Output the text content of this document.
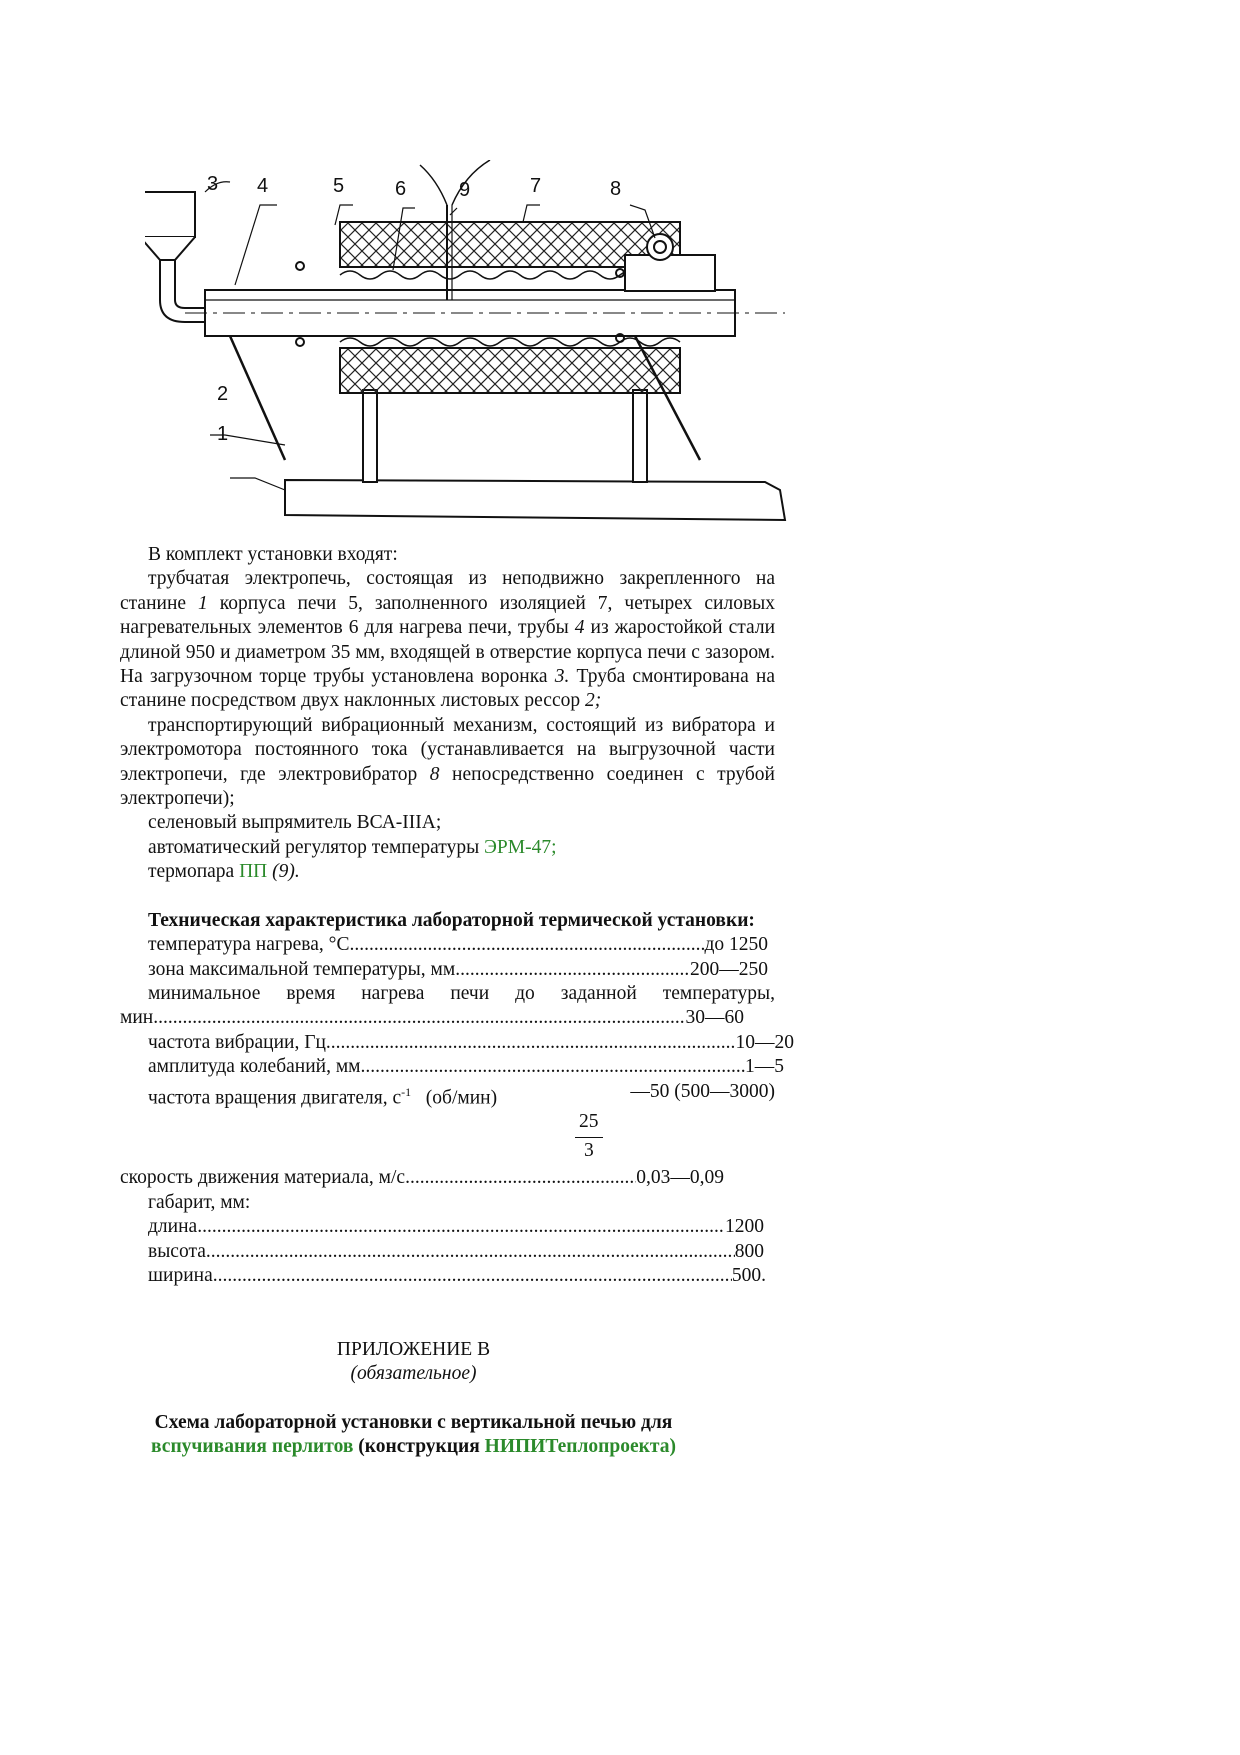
1
2
3 4	5	6	7	8
9

В комплект установки входят:

трубчатая электропечь, состоящая из неподвижно закрепленного на станине 1 корпуса печи 5, заполненного изоляцией 7, четырех силовых нагревательных элементов 6 для нагрева печи, трубы 4 из жаростойкой стали длиной 950 и диаметром 35 мм, входящей в отверстие корпуса печи с зазором. На загрузочном торце трубы установлена воронка 3. Труба смонтирована на станине посредством двух наклонных листовых рессор 2;

транспортирующий вибрационный механизм, состоящий из вибратора и электромотора постоянного тока (устанавливается на выгрузочной части электропечи, где электровибратор 8 непосредственно соединен с трубой электропечи);

селеновый выпрямитель ВСА-IIIА;

автоматический регулятор температуры ЭРМ-47;

термопара ПП (9).

Техническая характеристика лабораторной термической установки:

температура нагрева, °С .....	до 1250
зона максимальной температуры, мм .....	200—250

минимальное время нагрева печи до заданной температуры,

мин .....	30—60
частота вибрации, Гц .....	10—20
амплитуда колебаний, мм .....	1—5
частота вращения двигателя, $с^{-1}$ (об/мин)	—50 (500—3000)
25
3
скорость движения материала, м/с .....	0,03—0,09

габарит, мм:

длина .....	1200
высота .....	800
ширина .....	500.
ПРИЛОЖЕНИЕ В
(обязательное)
Схема лабораторной установки с вертикальной печью для
вспучивания перлитов (конструкция НИПИТеплопроекта)
